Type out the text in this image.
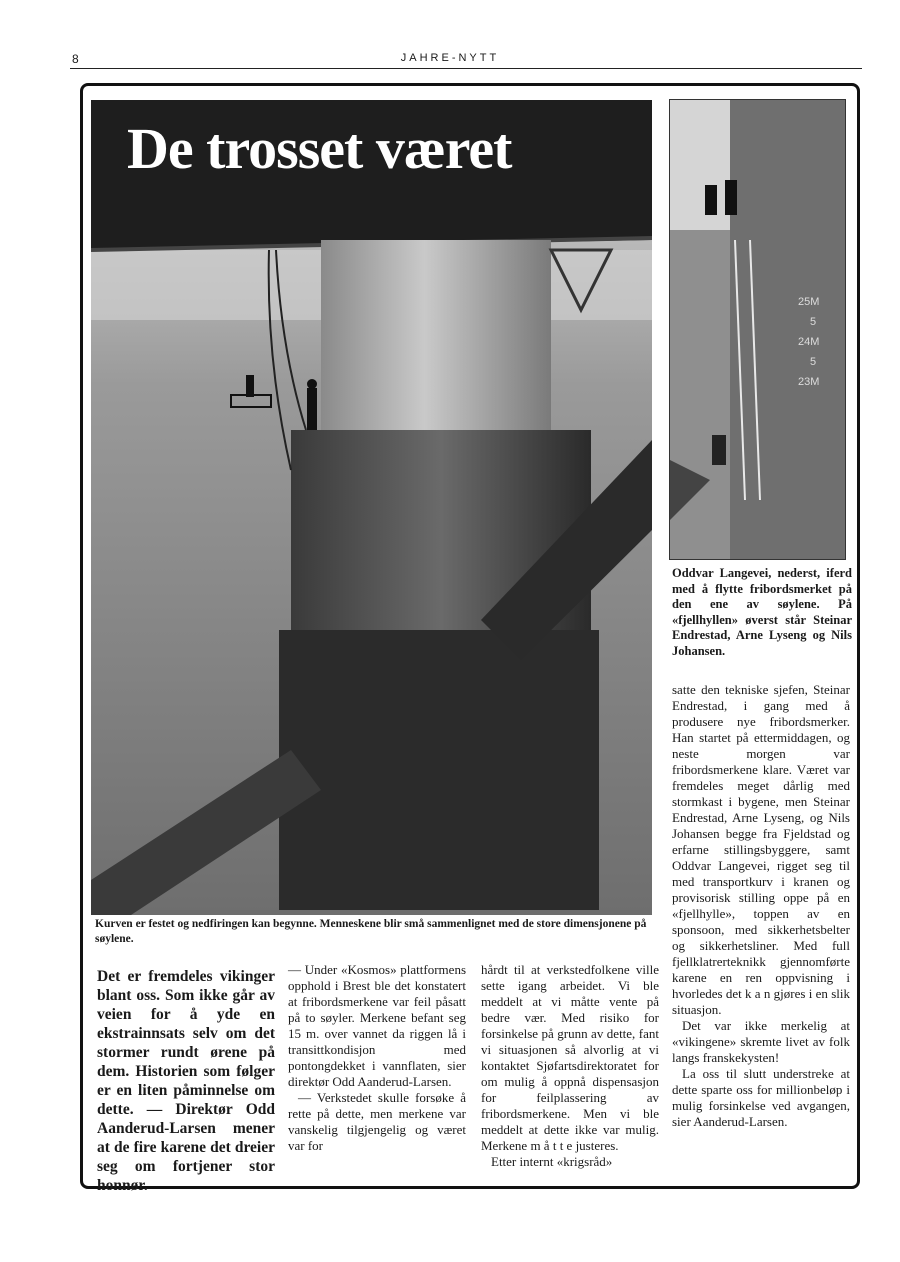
8	JAHRE-NYTT
De trosset været
25M
5
24M
5
23M

Oddvar Langevei, nederst, iferd med å flytte fribordsmerket på den ene av søylene. På «fjellhyllen» øverst står Steinar Endrestad, Arne Lyseng og Nils Johansen.

Kurven er festet og nedfiringen kan begynne. Menneskene blir små sammenlignet med de store dimensjonene på søylene.

Det er fremdeles vikinger blant oss. Som ikke går av veien for å yde en ekstrainnsats selv om det stormer rundt ørene på dem. Historien som følger er en liten påminnelse om dette. — Direktør Odd Aanderud-Larsen mener at de fire karene det dreier seg om fortjener stor honnør.

— Under «Kosmos» plattformens opphold i Brest ble det konstatert at fribordsmerkene var feil påsatt på to søyler. Merkene befant seg 15 m. over vannet da riggen lå i transittkondisjon med pontongdekket i vannflaten, sier direktør Odd Aanderud-Larsen.

— Verkstedet skulle forsøke å rette på dette, men merkene var vanskelig tilgjengelig og været var for

hårdt til at verkstedfolkene ville sette igang arbeidet. Vi ble meddelt at vi måtte vente på bedre vær. Med risiko for forsinkelse på grunn av dette, fant vi situasjonen så alvorlig at vi kontaktet Sjøfartsdirektoratet for om mulig å oppnå dispensasjon for feilplassering av fribordsmerkene. Men vi ble meddelt at dette ikke var mulig. Merkene m å t t e justeres.

Etter internt «krigsråd»

satte den tekniske sjefen, Steinar Endrestad, i gang med å produsere nye fribordsmerker. Han startet på ettermiddagen, og neste morgen var fribordsmerkene klare. Været var fremdeles meget dårlig med stormkast i bygene, men Steinar Endrestad, Arne Lyseng, og Nils Johansen begge fra Fjeldstad og erfarne stillingsbyggere, samt Oddvar Langevei, rigget seg til med transportkurv i kranen og provisorisk stilling oppe på en «fjellhylle», toppen av en sponsoon, med sikkerhetsbelter og sikkerhetsliner. Med full fjellklatrerteknikk gjennomførte karene en ren oppvisning i hvorledes det k a n gjøres i en slik situasjon.

Det var ikke merkelig at «vikingene» skremte livet av folk langs franskekysten!

La oss til slutt understreke at dette sparte oss for millionbeløp i mulig forsinkelse ved avgangen, sier Aanderud-Larsen.
